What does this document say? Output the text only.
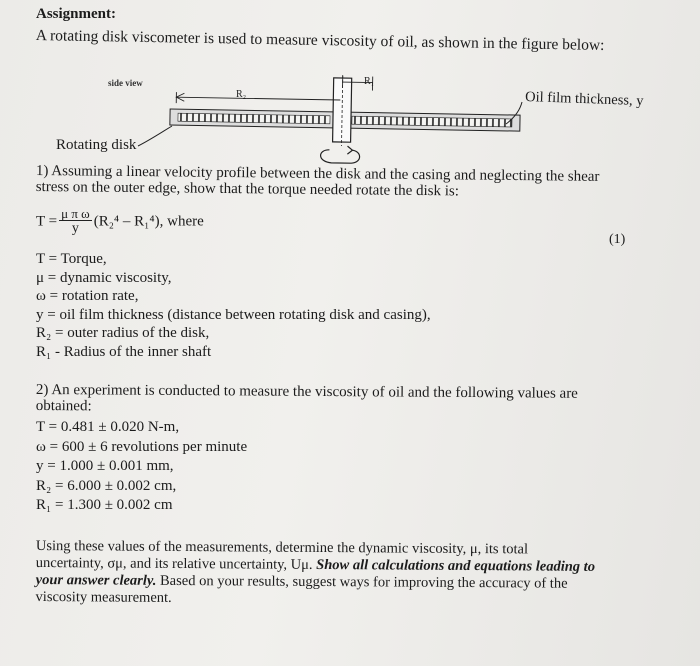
Assignment:
A rotating disk viscometer is used to measure viscosity of oil, as shown in the figure below:
side view
R₂
R₁
Oil film thickness, y
Rotating disk
1) Assuming a linear velocity profile between the disk and the casing and neglecting the shear
stress on the outer edge, show that the torque needed rotate the disk is:
$T = \frac{\text{μ π ω}}{y} (R_2^4 - R_1^4)$, where
(1)
T = Torque,
μ = dynamic viscosity,
ω = rotation rate,
y = oil film thickness (distance between rotating disk and casing),
R₂ = outer radius of the disk,
R₁ - Radius of the inner shaft
2) An experiment is conducted to measure the viscosity of oil and the following values are
obtained:
T = 0.481 ± 0.020 N-m,
ω = 600 ± 6 revolutions per minute
y = 1.000 ± 0.001 mm,
R₂ = 6.000 ± 0.002 cm,
R₁ = 1.300 ± 0.002 cm
Using these values of the measurements, determine the dynamic viscosity, μ, its total
uncertainty, σμ, and its relative uncertainty, Uμ. Show all calculations and equations leading to
your answer clearly. Based on your results, suggest ways for improving the accuracy of the
viscosity measurement.
